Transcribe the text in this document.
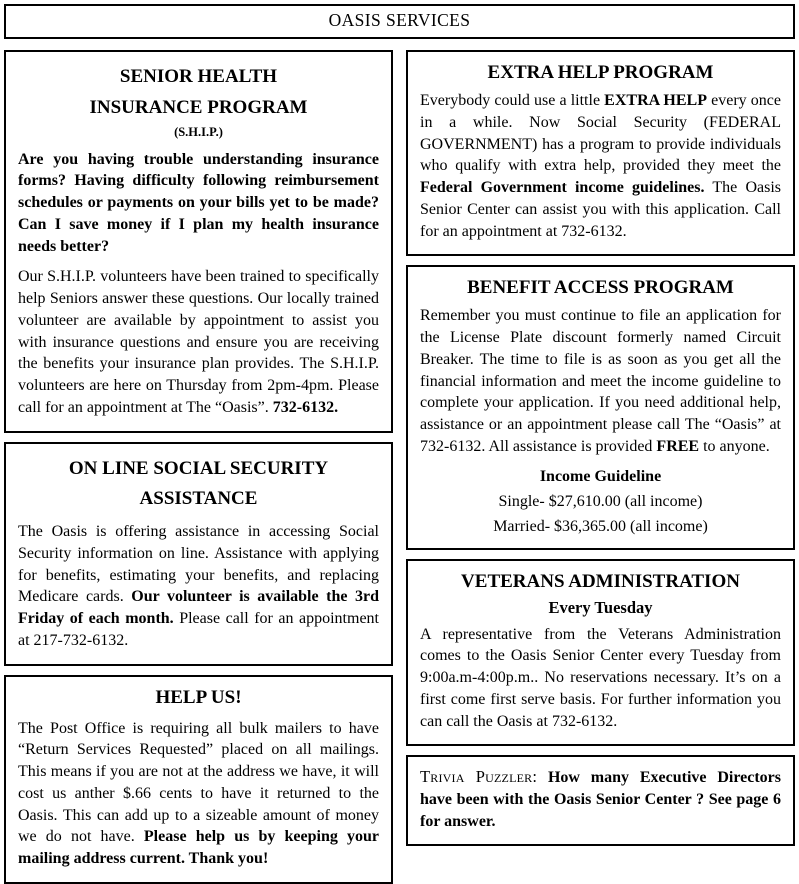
OASIS SERVICES
SENIOR HEALTH
INSURANCE PROGRAM
(S.H.I.P.)

Are you having trouble understanding insurance forms? Having difficulty following reimbursement schedules or payments on your bills yet to be made? Can I save money if I plan my health insurance needs better?

Our S.H.I.P. volunteers have been trained to specifically help Seniors answer these questions. Our locally trained volunteer are available by appointment to assist you with insurance questions and ensure you are receiving the benefits your insurance plan provides. The S.H.I.P. volunteers are here on Thursday from 2pm-4pm. Please call for an appointment at The “Oasis”. 732-6132.

ON LINE SOCIAL SECURITY
ASSISTANCE

The Oasis is offering assistance in accessing Social Security information on line. Assistance with applying for benefits, estimating your benefits, and replacing Medicare cards. Our volunteer is available the 3rd Friday of each month. Please call for an appointment at 217-732-6132.

HELP US!

The Post Office is requiring all bulk mailers to have “Return Services Requested” placed on all mailings. This means if you are not at the address we have, it will cost us anther $.66 cents to have it returned to the Oasis. This can add up to a sizeable amount of money we do not have. Please help us by keeping your mailing address current. Thank you!

EXTRA HELP PROGRAM

Everybody could use a little EXTRA HELP every once in a while. Now Social Security (FEDERAL GOVERNMENT) has a program to provide individuals who qualify with extra help, provided they meet the Federal Government income guidelines. The Oasis Senior Center can assist you with this application. Call for an appointment at 732-6132.

BENEFIT ACCESS PROGRAM

Remember you must continue to file an application for the License Plate discount formerly named Circuit Breaker. The time to file is as soon as you get all the financial information and meet the income guideline to complete your application. If you need additional help, assistance or an appointment please call The “Oasis” at 732-6132. All assistance is provided FREE to anyone.

Income Guideline
Single- $27,610.00 (all income)
Married- $36,365.00 (all income)
VETERANS ADMINISTRATION
Every Tuesday

A representative from the Veterans Administration comes to the Oasis Senior Center every Tuesday from 9:00a.m-4:00p.m.. No reservations necessary. It’s on a first come first serve basis. For further information you can call the Oasis at 732-6132.

Trivia Puzzler: How many Executive Directors have been with the Oasis Senior Center ? See page 6 for answer.
